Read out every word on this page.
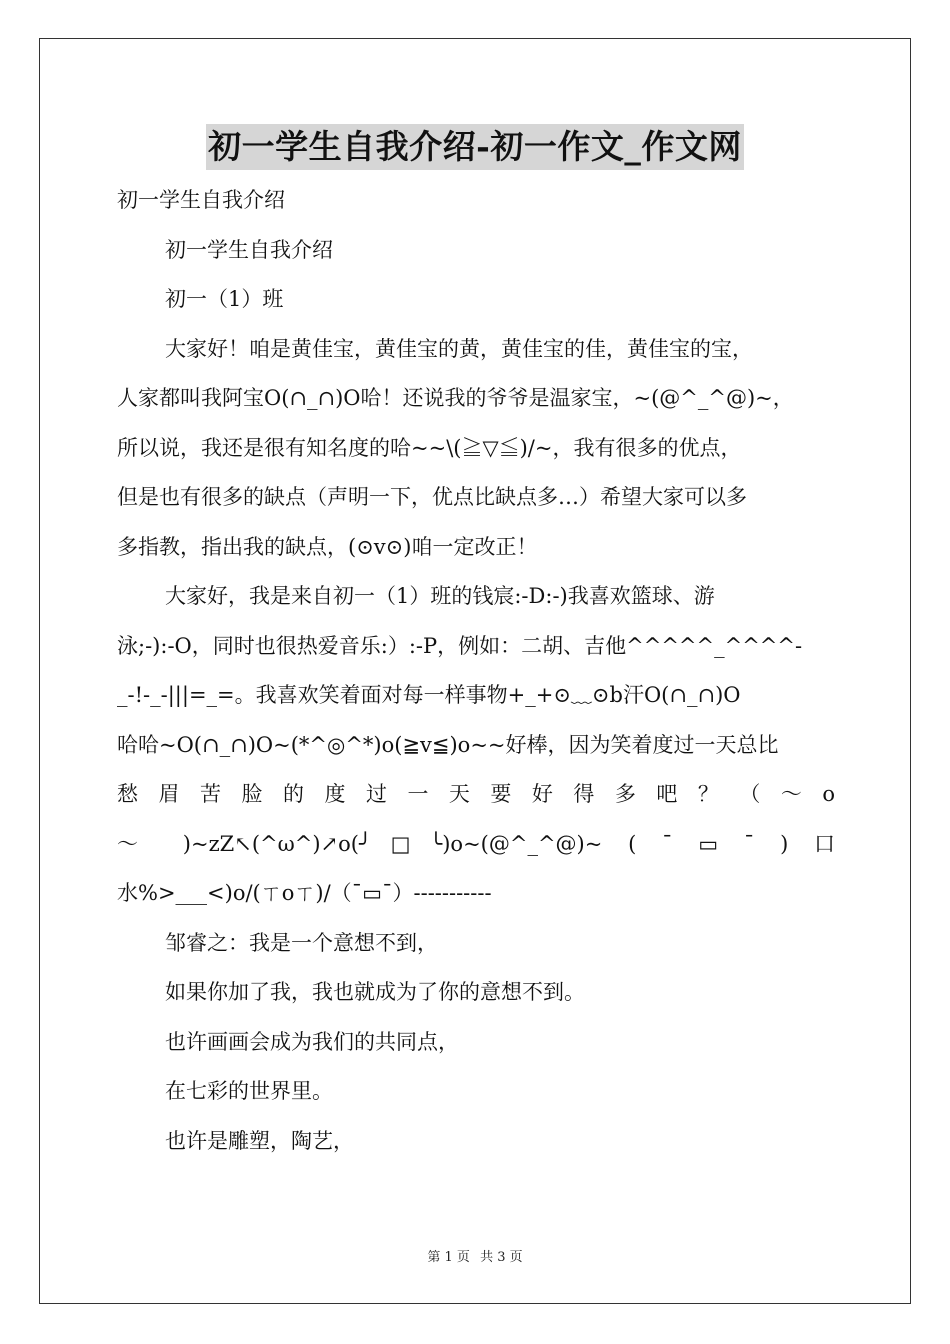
初一学生自我介绍-初一作文_作文网
初一学生自我介绍
初一学生自我介绍
初一（1）班
大家好！咱是黄佳宝，黄佳宝的黄，黄佳宝的佳，黄佳宝的宝，
人家都叫我阿宝O(∩_∩)O哈！还说我的爷爷是温家宝，~(@^_^@)~，
所以说，我还是很有知名度的哈~~\(≧▽≦)/~，我有很多的优点，
但是也有很多的缺点（声明一下，优点比缺点多…）希望大家可以多
多指教，指出我的缺点，(⊙v⊙)咱一定改正！
大家好，我是来自初一（1）班的钱宸:-D:-)我喜欢篮球、游
泳;-):-O，同时也很热爱音乐:）:-P，例如：二胡、吉他^^^^^_^^^^-
_-!-_-|||=_=。我喜欢笑着面对每一样事物+_+⊙﹏⊙b汗O(∩_∩)O
哈哈~O(∩_∩)O~(*^◎^*)o(≧v≦)o~~好棒，因为笑着度过一天总比
愁 眉 苦 脸 的 度 过 一 天 要 好 得 多 吧 ？ （ ～ o
～ )~zZ↖(^ω^)↗o(╯□╰)o~(@^_^@)~ ( ¯ ▭ ¯ ) 口
水%>___<)o/(ㄒoㄒ)/（¯▭¯）-----------
邹睿之：我是一个意想不到，
如果你加了我，我也就成为了你的意想不到。
也许画画会成为我们的共同点，
在七彩的世界里。
也许是雕塑，陶艺，
第 1 页 共 3 页
